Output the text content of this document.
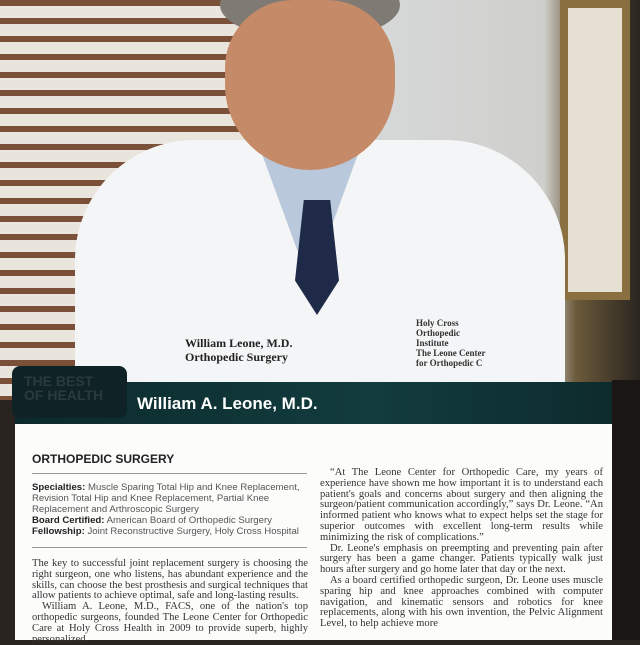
William Leone, M.D.
Orthopedic Surgery
Holy Cross
Orthopedic
Institute
The Leone Center
for Orthopedic C
William A. Leone, M.D.
THE BEST
OF HEALTH
ORTHOPEDIC SURGERY
Specialties: Muscle Sparing Total Hip and Knee Replacement, Revision Total Hip and Knee Replacement, Partial Knee Replacement and Arthroscopic Surgery
Board Certified: American Board of Orthopedic Surgery
Fellowship: Joint Reconstructive Surgery, Holy Cross Hospital

The key to successful joint replacement surgery is choosing the right surgeon, one who listens, has abundant experience and the skills, can choose the best prosthesis and surgical techniques that allow patients to achieve optimal, safe and long-lasting results.

William A. Leone, M.D., FACS, one of the nation's top orthopedic surgeons, founded The Leone Center for Orthopedic Care at Holy Cross Health in 2009 to provide superb, highly personalized,

“At The Leone Center for Orthopedic Care, my years of experience have shown me how important it is to understand each patient's goals and concerns about surgery and then aligning the surgeon/patient communication accordingly,” says Dr. Leone. “An informed patient who knows what to expect helps set the stage for superior outcomes with excellent long-term results while minimizing the risk of complications.”

Dr. Leone's emphasis on preempting and preventing pain after surgery has been a game changer. Patients typically walk just hours after surgery and go home later that day or the next.

As a board certified orthopedic surgeon, Dr. Leone uses muscle sparing hip and knee approaches combined with computer navigation, and kinematic sensors and robotics for knee replacements, along with his own invention, the Pelvic Alignment Level, to help achieve more
